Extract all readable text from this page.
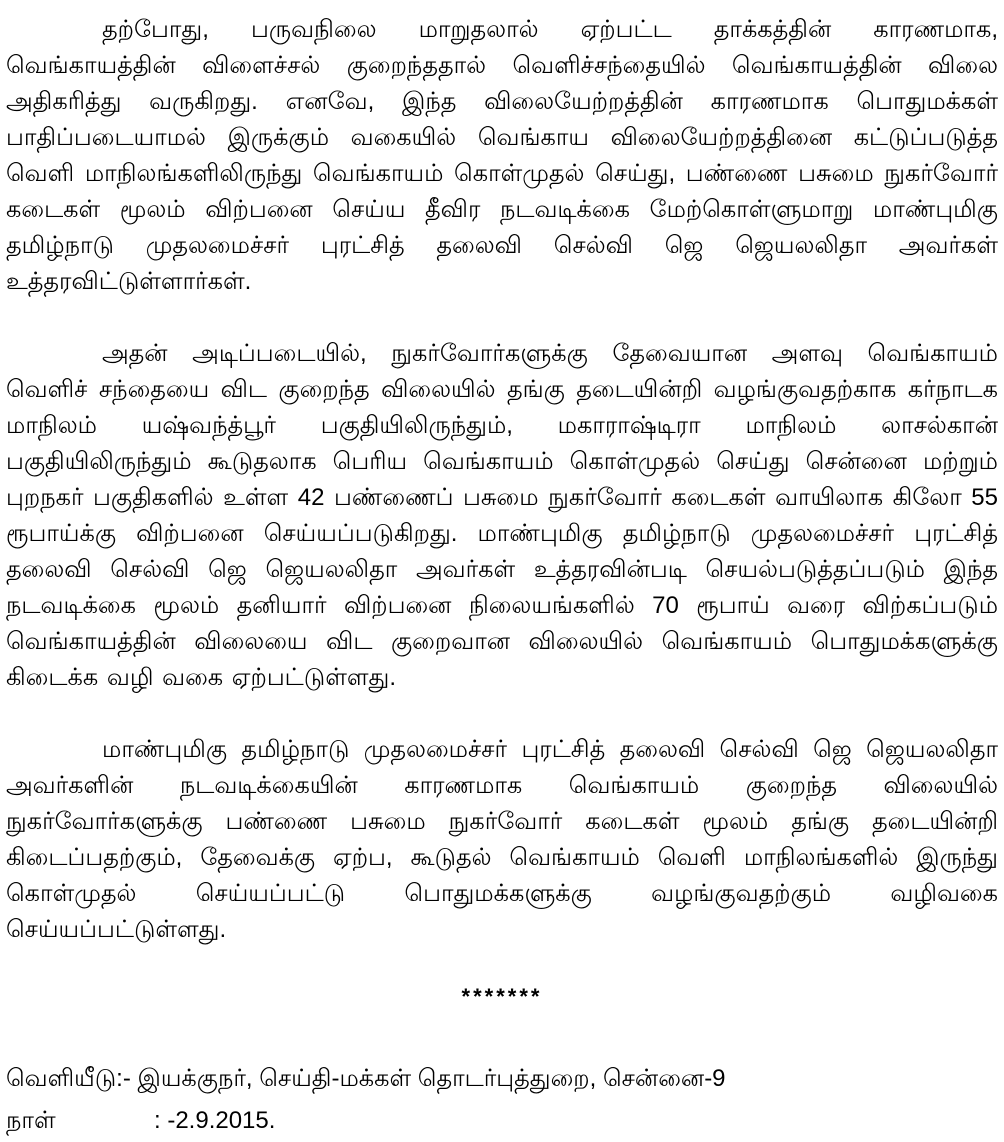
தற்போது, பருவநிலை மாறுதலால் ஏற்பட்ட தாக்கத்தின் காரணமாக, வெங்காயத்தின் விளைச்சல் குறைந்ததால் வெளிச்சந்தையில் வெங்காயத்தின் விலை அதிகரித்து வருகிறது. எனவே, இந்த விலையேற்றத்தின் காரணமாக பொதுமக்கள் பாதிப்படையாமல் இருக்கும் வகையில் வெங்காய விலையேற்றத்தினை கட்டுப்படுத்த வெளி மாநிலங்களிலிருந்து வெங்காயம் கொள்முதல் செய்து, பண்ணை பசுமை நுகர்வோர் கடைகள் மூலம் விற்பனை செய்ய தீவிர நடவடிக்கை மேற்கொள்ளுமாறு மாண்புமிகு தமிழ்நாடு முதலமைச்சர் புரட்சித் தலைவி செல்வி ஜெ ஜெயலலிதா அவர்கள் உத்தரவிட்டுள்ளார்கள்.

அதன் அடிப்படையில், நுகர்வோர்களுக்கு தேவையான அளவு வெங்காயம் வெளிச் சந்தையை விட குறைந்த விலையில் தங்கு தடையின்றி வழங்குவதற்காக கர்நாடக மாநிலம் யஷ்வந்த்பூர் பகுதியிலிருந்தும், மகாராஷ்டிரா மாநிலம் லாசல்கான் பகுதியிலிருந்தும் கூடுதலாக பெரிய வெங்காயம் கொள்முதல் செய்து சென்னை மற்றும் புறநகர் பகுதிகளில் உள்ள 42 பண்ணைப் பசுமை நுகர்வோர் கடைகள் வாயிலாக கிலோ 55 ரூபாய்க்கு விற்பனை செய்யப்படுகிறது. மாண்புமிகு தமிழ்நாடு முதலமைச்சர் புரட்சித் தலைவி செல்வி ஜெ ஜெயலலிதா அவர்கள் உத்தரவின்படி செயல்படுத்தப்படும் இந்த நடவடிக்கை மூலம் தனியார் விற்பனை நிலையங்களில் 70 ரூபாய் வரை விற்கப்படும் வெங்காயத்தின் விலையை விட குறைவான விலையில் வெங்காயம் பொதுமக்களுக்கு கிடைக்க வழி வகை ஏற்பட்டுள்ளது.

மாண்புமிகு தமிழ்நாடு முதலமைச்சர் புரட்சித் தலைவி செல்வி ஜெ ஜெயலலிதா அவர்களின் நடவடிக்கையின் காரணமாக வெங்காயம் குறைந்த விலையில் நுகர்வோர்களுக்கு பண்ணை பசுமை நுகர்வோர் கடைகள் மூலம் தங்கு தடையின்றி கிடைப்பதற்கும், தேவைக்கு ஏற்ப, கூடுதல் வெங்காயம் வெளி மாநிலங்களில் இருந்து கொள்முதல் செய்யப்பட்டு பொதுமக்களுக்கு வழங்குவதற்கும் வழிவகை செய்யப்பட்டுள்ளது.

*******
வெளியீடு:- இயக்குநர், செய்தி-மக்கள் தொடர்புத்துறை, சென்னை-9
நாள்	: -2.9.2015.
